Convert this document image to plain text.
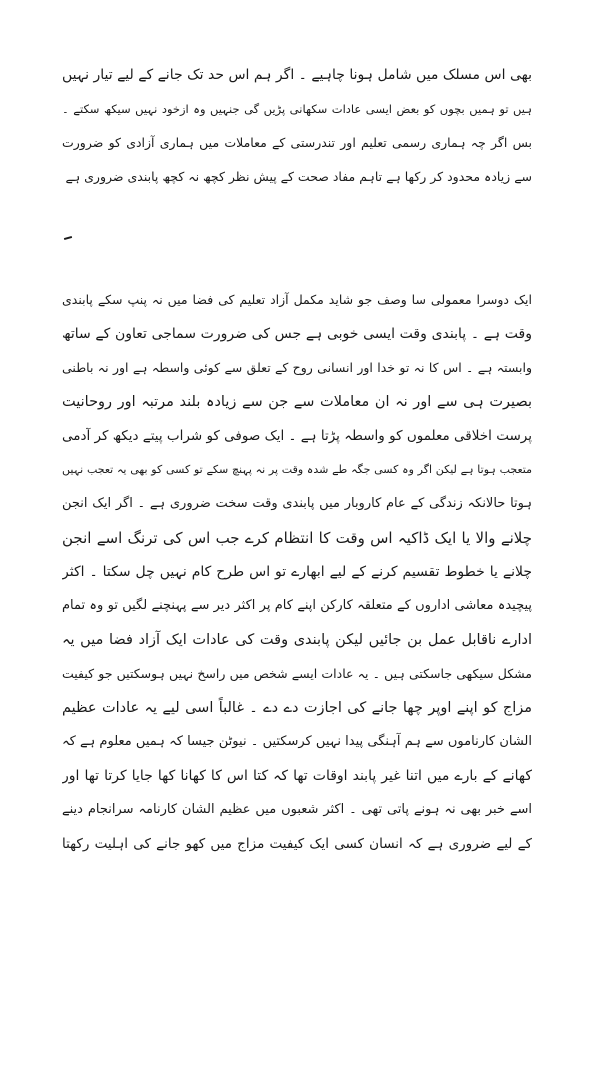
بھی اس مسلک میں شامل ہونا چاہیے ۔ اگر ہم اس حد تک جانے کے لیے تیار نہیں
ہیں تو ہمیں بچوں کو بعض ایسی عادات سکھانی پڑیں گی جنہیں وہ ازخود نہیں سیکھ سکتے ۔
بس اگر چہ ہماری رسمی تعلیم اور تندرستی کے معاملات میں ہماری آزادی کو ضرورت
سے زیادہ محدود کر رکھا ہے تاہم مفاد صحت کے پیش نظر کچھ نہ کچھ پابندی ضروری ہے
ایک دوسرا معمولی سا وصف جو شاید مکمل آزاد تعلیم کی فضا میں نہ پنپ سکے پابندی
وقت ہے ۔ پابندی وقت ایسی خوبی ہے جس کی ضرورت سماجی تعاون کے ساتھ
وابستہ ہے ۔ اس کا نہ تو خدا اور انسانی روح کے تعلق سے کوئی واسطہ ہے اور نہ باطنی
بصیرت ہی سے اور نہ ان معاملات سے جن سے زیادہ بلند مرتبہ اور روحانیت
پرست اخلاقی معلموں کو واسطہ پڑتا ہے ۔ ایک صوفی کو شراب پیتے دیکھ کر آدمی
متعجب ہوتا ہے لیکن اگر وہ کسی جگہ طے شدہ وقت پر نہ پہنچ سکے تو کسی کو بھی یہ تعجب نہیں
ہوتا حالانکہ زندگی کے عام کاروبار میں پابندی وقت سخت ضروری ہے ۔ اگر ایک انجن
چلانے والا یا ایک ڈاکیہ اس وقت کا انتظام کرے جب اس کی ترنگ اسے انجن
چلانے یا خطوط تقسیم کرنے کے لیے ابھارے تو اس طرح کام نہیں چل سکتا ۔ اکثر
پیچیدہ معاشی اداروں کے متعلقہ کارکن اپنے کام پر اکثر دیر سے پہنچنے لگیں تو وہ تمام
ادارے ناقابل عمل بن جائیں لیکن پابندی وقت کی عادات ایک آزاد فضا میں یہ
مشکل سیکھی جاسکتی ہیں ۔ یہ عادات ایسے شخص میں راسخ نہیں ہوسکتیں جو کیفیت
مزاج کو اپنے اوپر چھا جانے کی اجازت دے دے ۔ غالباً اسی لیے یہ عادات عظیم
الشان کارناموں سے ہم آہنگی پیدا نہیں کرسکتیں ۔ نیوٹن جیسا کہ ہمیں معلوم ہے کہ
کھانے کے بارے میں اتنا غیر پابند اوقات تھا کہ کتا اس کا کھانا کھا جایا کرتا تھا اور
اسے خبر بھی نہ ہونے پاتی تھی ۔ اکثر شعبوں میں عظیم الشان کارنامہ سرانجام دینے
کے لیے ضروری ہے کہ انسان کسی ایک کیفیت مزاج میں کھو جانے کی اہلیت رکھتا
